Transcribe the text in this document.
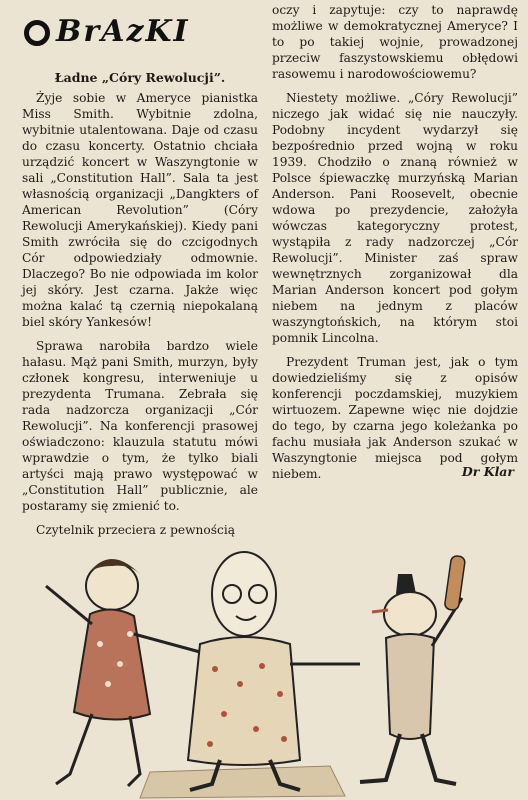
BrAzKI
Ładne „Córy Rewolucji”.

Żyje sobie w Ameryce pianistka Miss Smith. Wybitnie zdolna, wybitnie utalentowana. Daje od czasu do czasu koncerty. Ostatnio chciała urządzić koncert w Waszyngtonie w sali „Constitution Hall”. Sala ta jest własnością organizacji „Dangkters of American Revolution” (Córy Rewolucji Amerykańskiej). Kiedy pani Smith zwróciła się do czcigodnych Cór odpowiedziały odmownie. Dlaczego? Bo nie odpowiada im kolor jej skóry. Jest czarna. Jakże więc można kalać tą czernią niepokalaną biel skóry Yankesów!

Sprawa narobiła bardzo wiele hałasu. Mąż pani Smith, murzyn, były członek kongresu, interweniuje u prezydenta Trumana. Zebrała się rada nadzorcza organizacji „Cór Rewolucji”. Na konferencji prasowej oświadczono: klauzula statutu mówi wprawdzie o tym, że tylko biali artyści mają prawo występować w „Constitution Hall” publicznie, ale postaramy się zmienić to.

Czytelnik przeciera z pewnością

oczy i zapytuje: czy to naprawdę możliwe w demokratycznej Ameryce? I to po takiej wojnie, prowadzonej przeciw faszystowskiemu obłędowi rasowemu i narodowościowemu?

Niestety możliwe. „Córy Rewolucji” niczego jak widać się nie nauczyły. Podobny incydent wydarzył się bezpośrednio przed wojną w roku 1939. Chodziło o znaną również w Polsce śpiewaczkę murzyńską Marian Anderson. Pani Roosevelt, obecnie wdowa po prezydencie, założyła wówczas kategoryczny protest, wystąpiła z rady nadzorczej „Cór Rewolucji”. Minister zaś spraw wewnętrznych zorganizował dla Marian Anderson koncert pod gołym niebem na jednym z placów waszyngtońskich, na którym stoi pomnik Lincolna.

Prezydent Truman jest, jak o tym dowiedzieliśmy się z opisów konferencji poczdamskiej, muzykiem wirtuozem. Zapewne więc nie dojdzie do tego, by czarna jego koleżanka po fachu musiała jak Anderson szukać w Waszyngtonie miejsca pod gołym niebem.	Dr Klar
